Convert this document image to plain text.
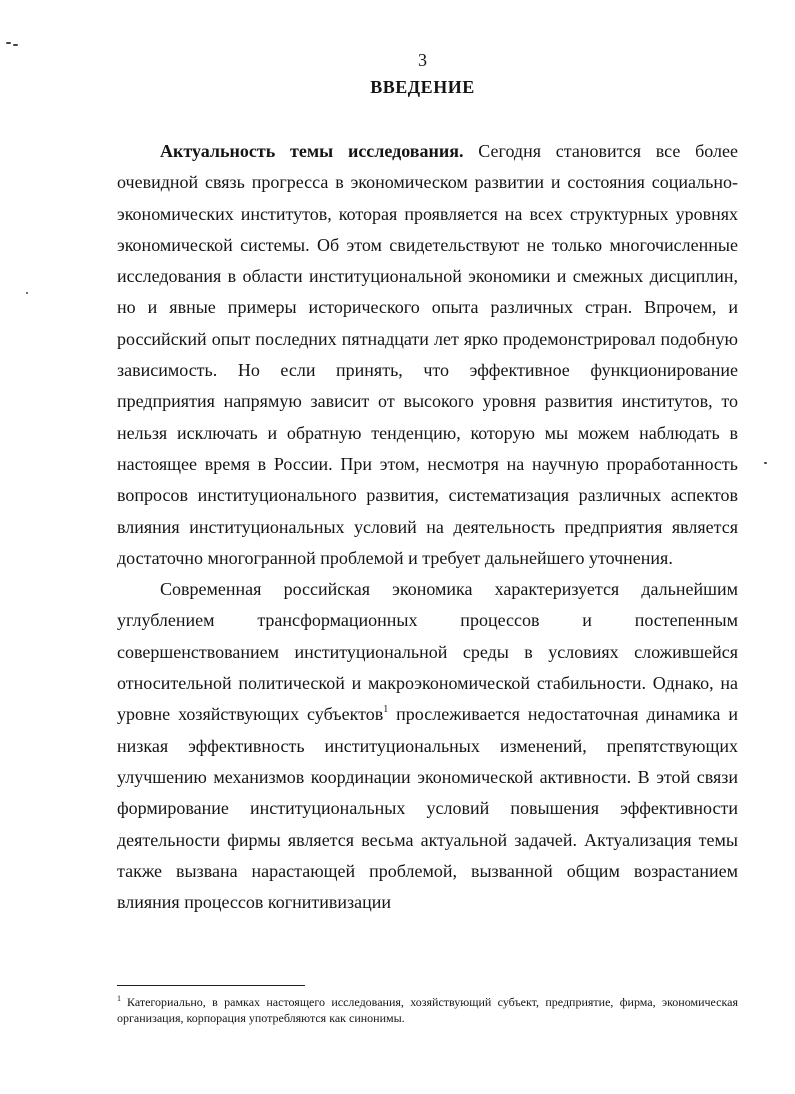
3
ВВЕДЕНИЕ

Актуальность темы исследования. Сегодня становится все более очевидной связь прогресса в экономическом развитии и состояния социально-экономических институтов, которая проявляется на всех структурных уровнях экономической системы. Об этом свидетельствуют не только многочисленные исследования в области институциональной экономики и смежных дисциплин, но и явные примеры исторического опыта различных стран. Впрочем, и российский опыт последних пятнадцати лет ярко продемонстрировал подобную зависимость. Но если принять, что эффективное функционирование предприятия напрямую зависит от высокого уровня развития институтов, то нельзя исключать и обратную тенденцию, которую мы можем наблюдать в настоящее время в России. При этом, несмотря на научную проработанность вопросов институционального развития, систематизация различных аспектов влияния институциональных условий на деятельность предприятия является достаточно многогранной проблемой и требует дальнейшего уточнения.

Современная российская экономика характеризуется дальнейшим углублением трансформационных процессов и постепенным совершенствованием институциональной среды в условиях сложившейся относительной политической и макроэкономической стабильности. Однако, на уровне хозяйствующих субъектов$^1$ прослеживается недостаточная динамика и низкая эффективность институциональных изменений, препятствующих улучшению механизмов координации экономической активности. В этой связи формирование институциональных условий повышения эффективности деятельности фирмы является весьма актуальной задачей. Актуализация темы также вызвана нарастающей проблемой, вызванной общим возрастанием влияния процессов когнитивизации

$^1$ Категориально, в рамках настоящего исследования, хозяйствующий субъект, предприятие, фирма, экономическая организация, корпорация употребляются как синонимы.
